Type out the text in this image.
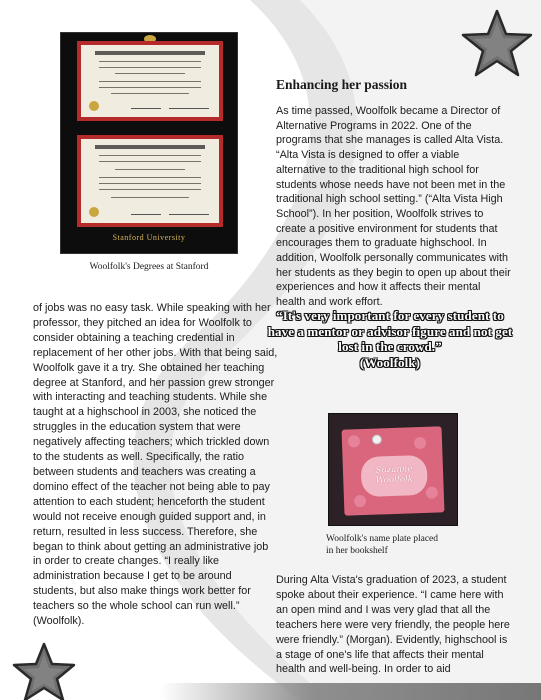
Stanford University
Woolfolk's Degrees at Stanford

of jobs was no easy task. While speaking with her professor, they pitched an idea for Woolfolk to consider obtaining a teaching credential in replacement of her other jobs. With that being said, Woolfolk gave it a try. She obtained her teaching degree at Stanford, and her passion grew stronger with interacting and teaching students. While she taught at a highschool in 2003, she noticed the struggles in the education system that were negatively affecting teachers; which trickled down to the students as well. Specifically, the ratio between students and teachers was creating a domino effect of the teacher not being able to pay attention to each student; henceforth the student would not receive enough guided support and, in return, resulted in less success. Therefore, she began to think about getting an administrative job in order to create changes. “I really like administration because I get to be around students, but also make things work better for teachers so the whole school can run well.” (Woolfolk).

Enhancing her passion

As time passed, Woolfolk became a Director of Alternative Programs in 2022. One of the programs that she manages is called Alta Vista. “Alta Vista is designed to offer a viable alternative to the traditional high school for students whose needs have not been met in the traditional high school setting.” (“Alta Vista High School”). In her position, Woolfolk strives to create a positive environment for students that encourages them to graduate highschool. In addition, Woolfolk personally communicates with her students as they begin to open up about their experiences and how it affects their mental health and work effort.

“It's very important for every student to have a mentor or advisor figure and not get lost in the crowd.”
(Woolfolk)
Suzanne Woolfolk
Woolfolk's name plate placed
in her bookshelf

During Alta Vista's graduation of 2023, a student spoke about their experience. “I came here with an open mind and I was very glad that all the teachers here were very friendly, the people here were friendly.” (Morgan). Evidently, highschool is a stage of one's life that affects their mental health and well-being. In order to aid
